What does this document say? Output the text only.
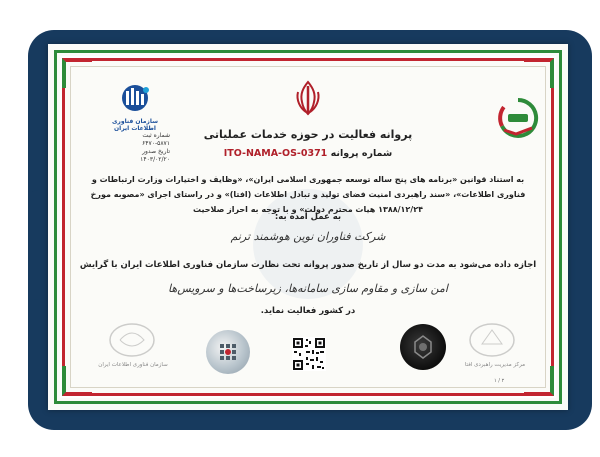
سازمان فناوری اطلاعات ایران
شماره ثبت
۶۴۷۰-۵۸۷۱
تاریخ صدور
۱۴۰۳/۰۲/۲۰
پروانه فعالیت در حوزه خدمات عملیاتی
شماره پروانه ITO-NAMA-OS-0371
به استناد قوانین «برنامه های پنج ساله توسعه جمهوری اسلامی ایران»، «وظایف و اختیارات وزارت ارتباطات و فناوری اطلاعات»، «سند راهبردی امنیت فضای تولید و تبادل اطلاعات (افتا)» و در راستای اجرای «مصوبه مورخ ۱۳۸۸/۱۲/۲۴ هیات محترم دولت» و با توجه به احراز صلاحیت
به عمل آمده به:
شرکت فناوران نوین هوشمند ترنم
اجازه داده می‌شود به مدت دو سال از تاریخ صدور پروانه تحت نظارت سازمان فناوری اطلاعات ایران با گرایش
امن سازی و مقاوم سازی سامانه‌ها، زیرساخت‌ها و سرویس‌ها
در کشور فعالیت نماید.
سازمان فناوری اطلاعات ایران	مرکز مدیریت راهبردی افتا
۲ / ۱
